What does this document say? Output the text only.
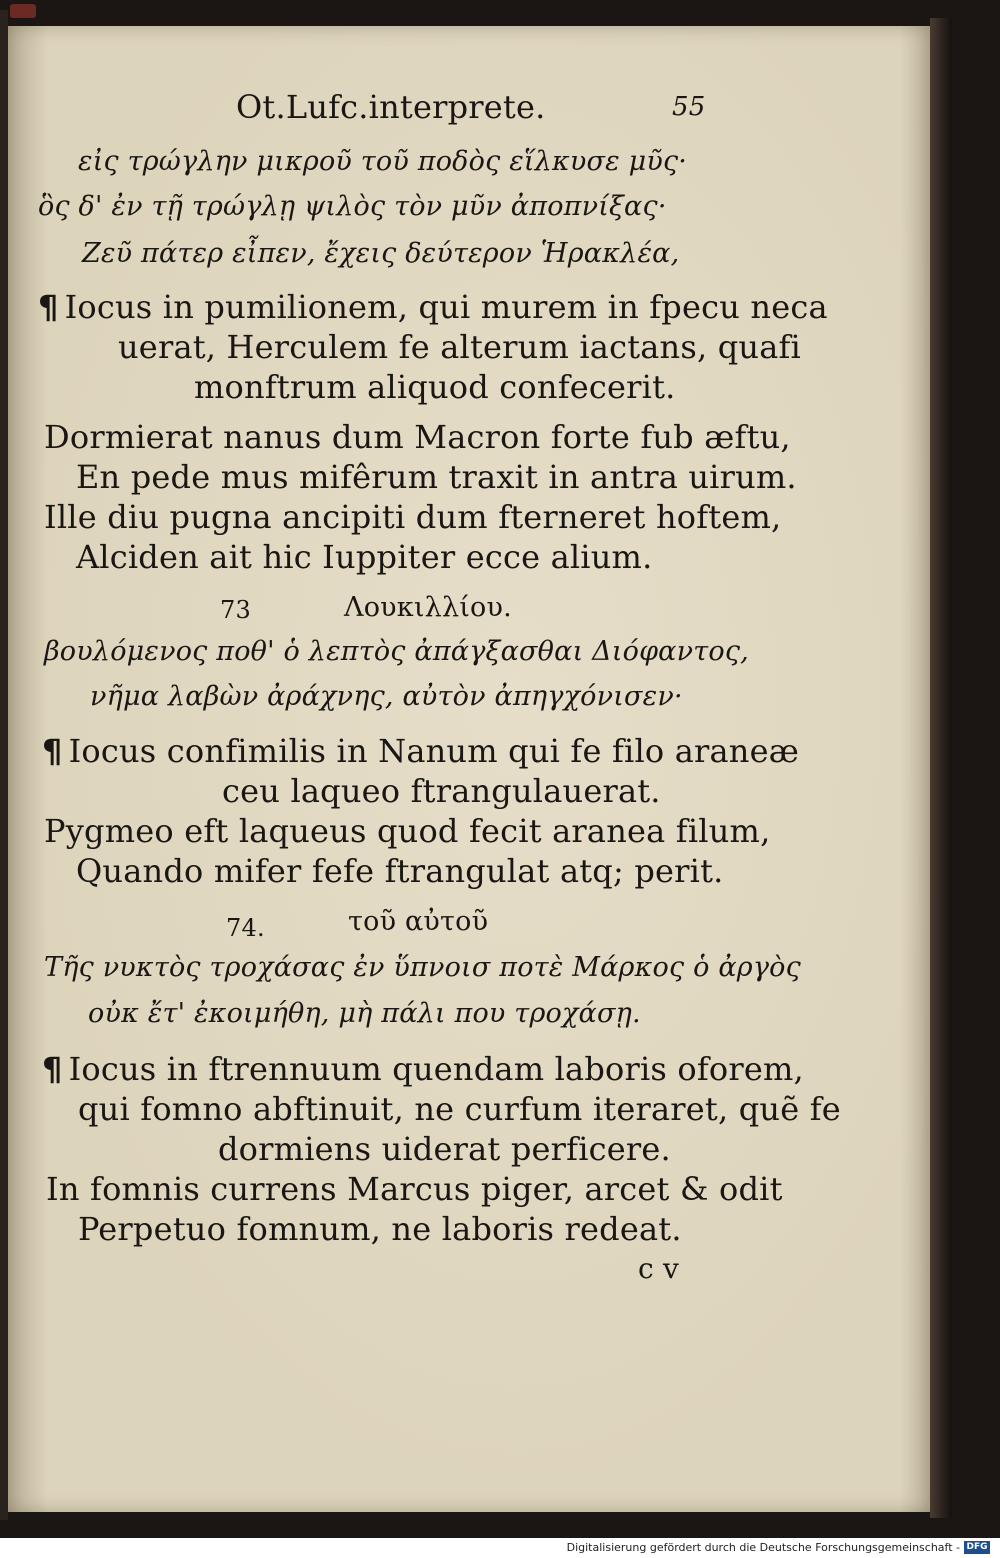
Ot.Lufc.interprete.	55
εἰς τρώγλην μικροῦ τοῦ ποδὸς εἵλκυσε μῦς·
ὃς δ' ἐν τῇ τρώγλῃ ψιλὸς τὸν μῦν ἀποπνίξας·
Ζεῦ πάτερ εἶπεν, ἔχεις δεύτερον Ἡρακλέα,
¶ Iocus in pumilionem, qui murem in fpecu neca
uerat, Herculem fe alterum iactans, quafi
monftrum aliquod confecerit.
Dormierat nanus dum Macron forte fub æftu,
En pede mus mifêrum traxit in antra uirum.
Ille diu pugna ancipiti dum fterneret hoftem,
Alciden ait hic Iuppiter ecce alium.
73	Λουκιλλίου.
βουλόμενος ποθ' ὁ λεπτὸς ἀπάγξασθαι Διόφαντος,
νῆμα λαβὼν ἀράχνης, αὐτὸν ἀπηγχόνισεν·
¶ Iocus confimilis in Nanum qui fe filo araneæ
ceu laqueo ftrangulauerat.
Pygmeo eft laqueus quod fecit aranea filum,
Quando mifer fefe ftrangulat atq; perit.
74.	τοῦ αὐτοῦ
Τῆς νυκτὸς τροχάσας ἐν ὕπνοισ ποτὲ Μάρκος ὁ ἀργὸς
οὐκ ἔτ' ἐκοιμήθη, μὴ πάλι που τροχάσῃ.
¶ Iocus in ftrennuum quendam laboris oforem,
qui fomno abftinuit, ne curfum iteraret, quẽ fe
dormiens uiderat perficere.
In fomnis currens Marcus piger, arcet & odit
Perpetuo fomnum, ne laboris redeat.
c v
Digitalisierung gefördert durch die Deutsche Forschungsgemeinschaft - DFG
